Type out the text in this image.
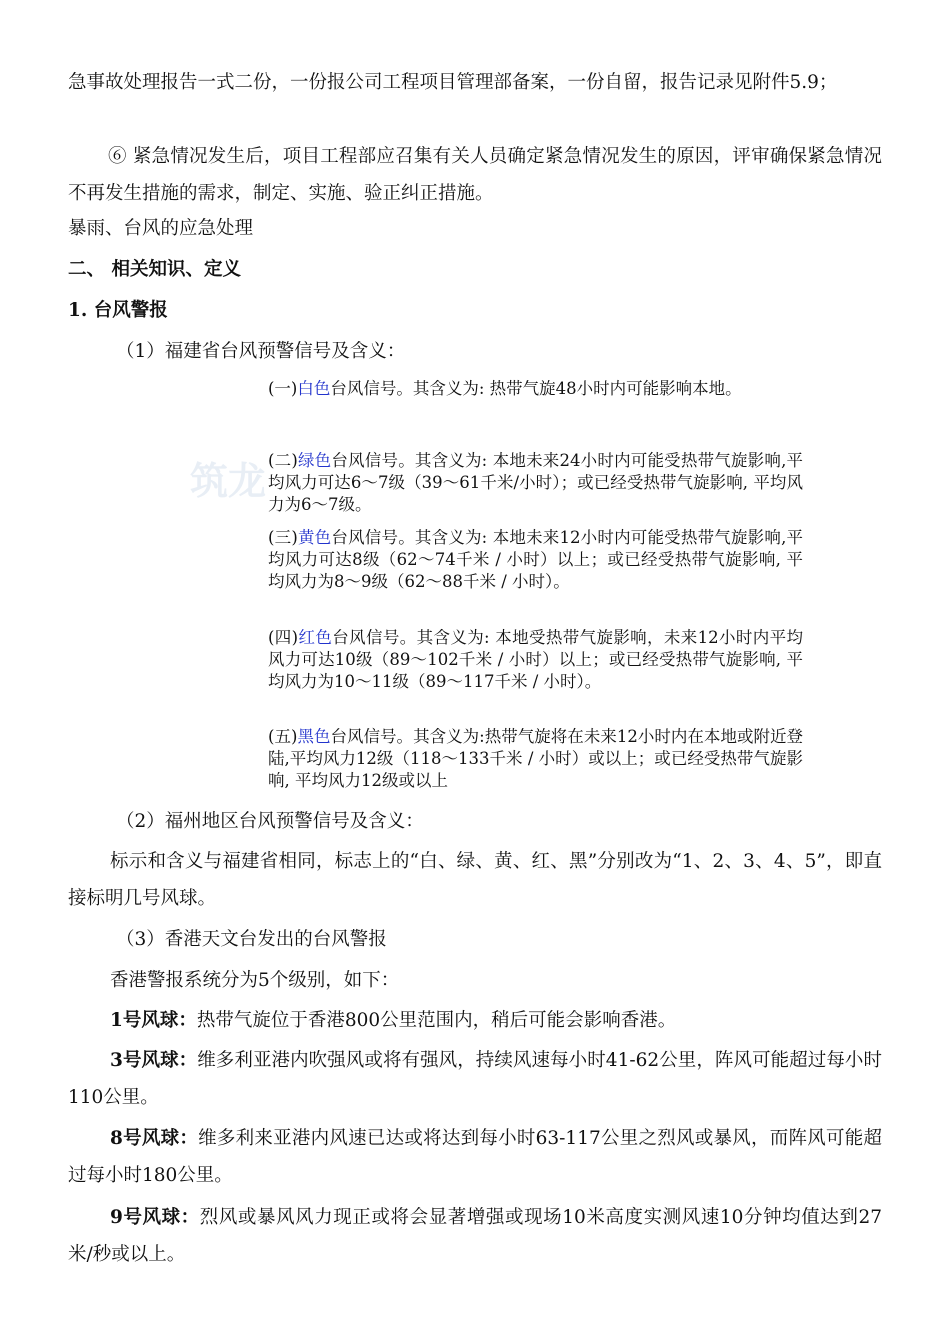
急事故处理报告一式二份，一份报公司工程项目管理部备案，一份自留，报告记录见附件5.9；
⑥ 紧急情况发生后，项目工程部应召集有关人员确定紧急情况发生的原因，评审确保紧急情况不再发生措施的需求，制定、实施、验正纠正措施。
暴雨、台风的应急处理
二、 相关知识、定义
1. 台风警报
（1）福建省台风预警信号及含义：
(一)白色台风信号。其含义为: 热带气旋48小时内可能影响本地。
(二)绿色台风信号。其含义为: 本地未来24小时内可能受热带气旋影响,平均风力可达6～7级（39～61千米/小时）；或已经受热带气旋影响, 平均风力为6～7级。
(三)黄色台风信号。其含义为: 本地未来12小时内可能受热带气旋影响,平均风力可达8级（62～74千米 / 小时）以上；或已经受热带气旋影响, 平均风力为8～9级（62～88千米 / 小时）。
(四)红色台风信号。其含义为: 本地受热带气旋影响，未来12小时内平均风力可达10级（89～102千米 / 小时）以上；或已经受热带气旋影响, 平均风力为10～11级（89～117千米 / 小时）。
(五)黑色台风信号。其含义为:热带气旋将在未来12小时内在本地或附近登陆,平均风力12级（118～133千米 / 小时）或以上；或已经受热带气旋影响, 平均风力12级或以上
（2）福州地区台风预警信号及含义：
标示和含义与福建省相同，标志上的“白、绿、黄、红、黑”分别改为“1、2、3、4、5”，即直接标明几号风球。
（3）香港天文台发出的台风警报
香港警报系统分为5个级别，如下：
1号风球：热带气旋位于香港800公里范围内，稍后可能会影响香港。
3号风球：维多利亚港内吹强风或将有强风，持续风速每小时41-62公里，阵风可能超过每小时110公里。
8号风球：维多利来亚港内风速已达或将达到每小时63-117公里之烈风或暴风，而阵风可能超过每小时180公里。
9号风球：烈风或暴风风力现正或将会显著增强或现场10米高度实测风速10分钟均值达到27米/秒或以上。
筑龙
